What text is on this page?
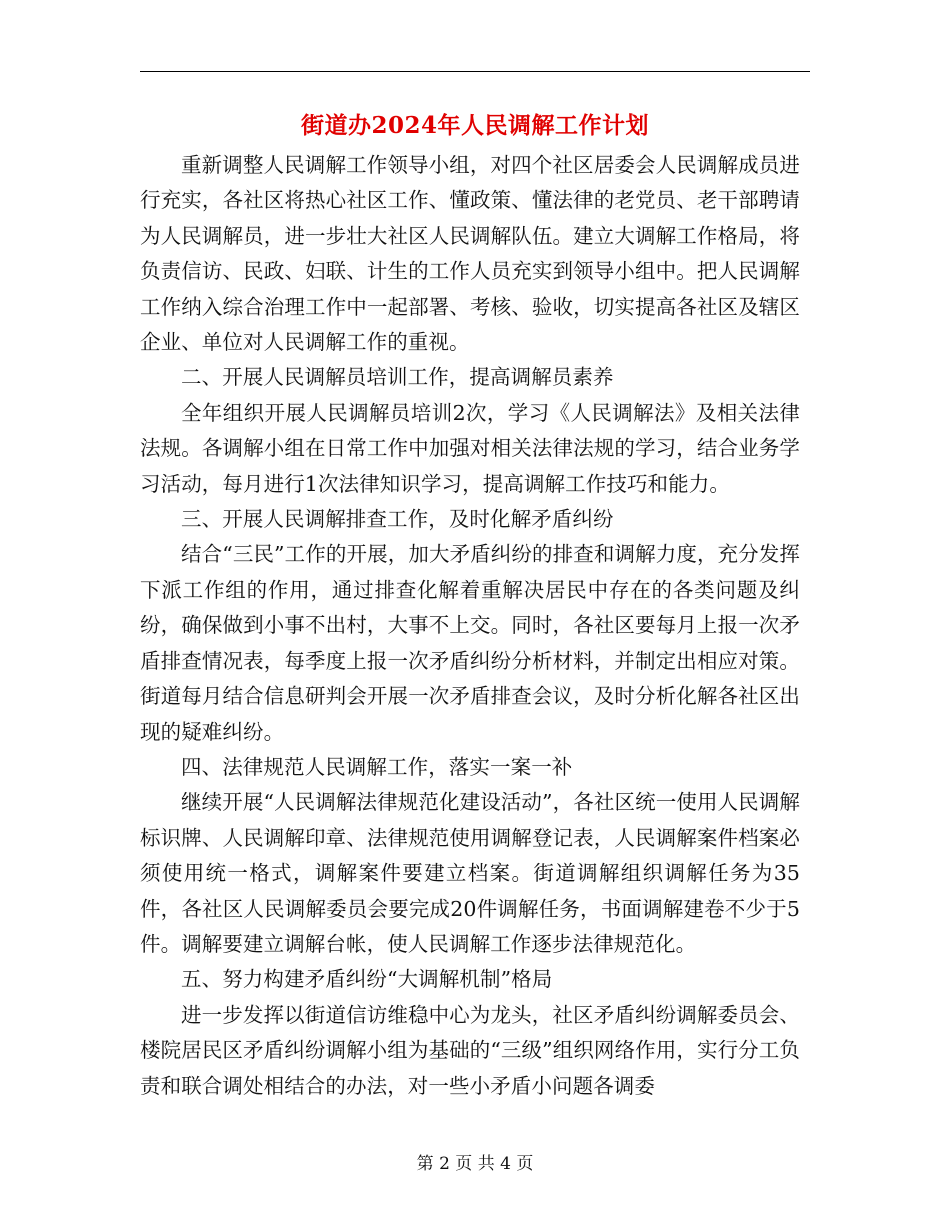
街道办2024年人民调解工作计划

重新调整人民调解工作领导小组，对四个社区居委会人民调解成员进行充实，各社区将热心社区工作、懂政策、懂法律的老党员、老干部聘请为人民调解员，进一步壮大社区人民调解队伍。建立大调解工作格局，将负责信访、民政、妇联、计生的工作人员充实到领导小组中。把人民调解工作纳入综合治理工作中一起部署、考核、验收，切实提高各社区及辖区企业、单位对人民调解工作的重视。

二、开展人民调解员培训工作，提高调解员素养

全年组织开展人民调解员培训2次，学习《人民调解法》及相关法律法规。各调解小组在日常工作中加强对相关法律法规的学习，结合业务学习活动，每月进行1次法律知识学习，提高调解工作技巧和能力。

三、开展人民调解排查工作，及时化解矛盾纠纷

结合“三民”工作的开展，加大矛盾纠纷的排查和调解力度，充分发挥下派工作组的作用，通过排查化解着重解决居民中存在的各类问题及纠纷，确保做到小事不出村，大事不上交。同时，各社区要每月上报一次矛盾排查情况表，每季度上报一次矛盾纠纷分析材料，并制定出相应对策。街道每月结合信息研判会开展一次矛盾排查会议，及时分析化解各社区出现的疑难纠纷。

四、法律规范人民调解工作，落实一案一补

继续开展“人民调解法律规范化建设活动”，各社区统一使用人民调解标识牌、人民调解印章、法律规范使用调解登记表，人民调解案件档案必须使用统一格式，调解案件要建立档案。街道调解组织调解任务为35件，各社区人民调解委员会要完成20件调解任务，书面调解建卷不少于5件。调解要建立调解台帐，使人民调解工作逐步法律规范化。

五、努力构建矛盾纠纷“大调解机制”格局

进一步发挥以街道信访维稳中心为龙头，社区矛盾纠纷调解委员会、楼院居民区矛盾纠纷调解小组为基础的“三级”组织网络作用，实行分工负责和联合调处相结合的办法，对一些小矛盾小问题各调委

第 2 页 共 4 页
